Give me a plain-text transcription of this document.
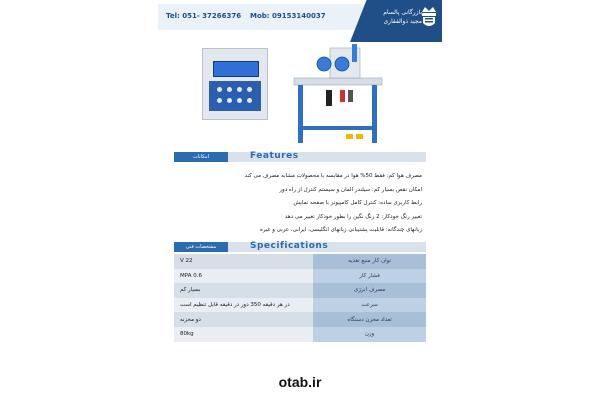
Tel: 051- 37266376 Mob: 09153140037	بازرگانی پالسام
مجید ذوالفقاری
امکانات	Features
مصرف هوا کم: فقط 50% هوا در مقایسه با محصولات مشابه مصرف می کند
امکان نقص بسیار کم: سیلندر المان و سیستم کنترل از راه دور
رابط کاربری ساده: کنترل کامل کامپیوتر با صفحه نمایش
تغییر رنگ خودکار: 2 رنگ نگین را بطور خودکار تغییر می دهد
زبانهای چندگانه: قابلیت پشتیبانی زبانهای انگلیسی، ایرانی، عربی و غیره
مشخصات فنی	Specifications
22 V	توان کار منبع تغذیه
0.6 MPA	فشار کار
بسیار کم	مصرف انرژی
در هر دقیقه 350 دور در دقیقه قابل تنظیم است	سرعت
دو مخزنه	تعداد مخزن دستگاه
80kg	وزن
otab.ir
